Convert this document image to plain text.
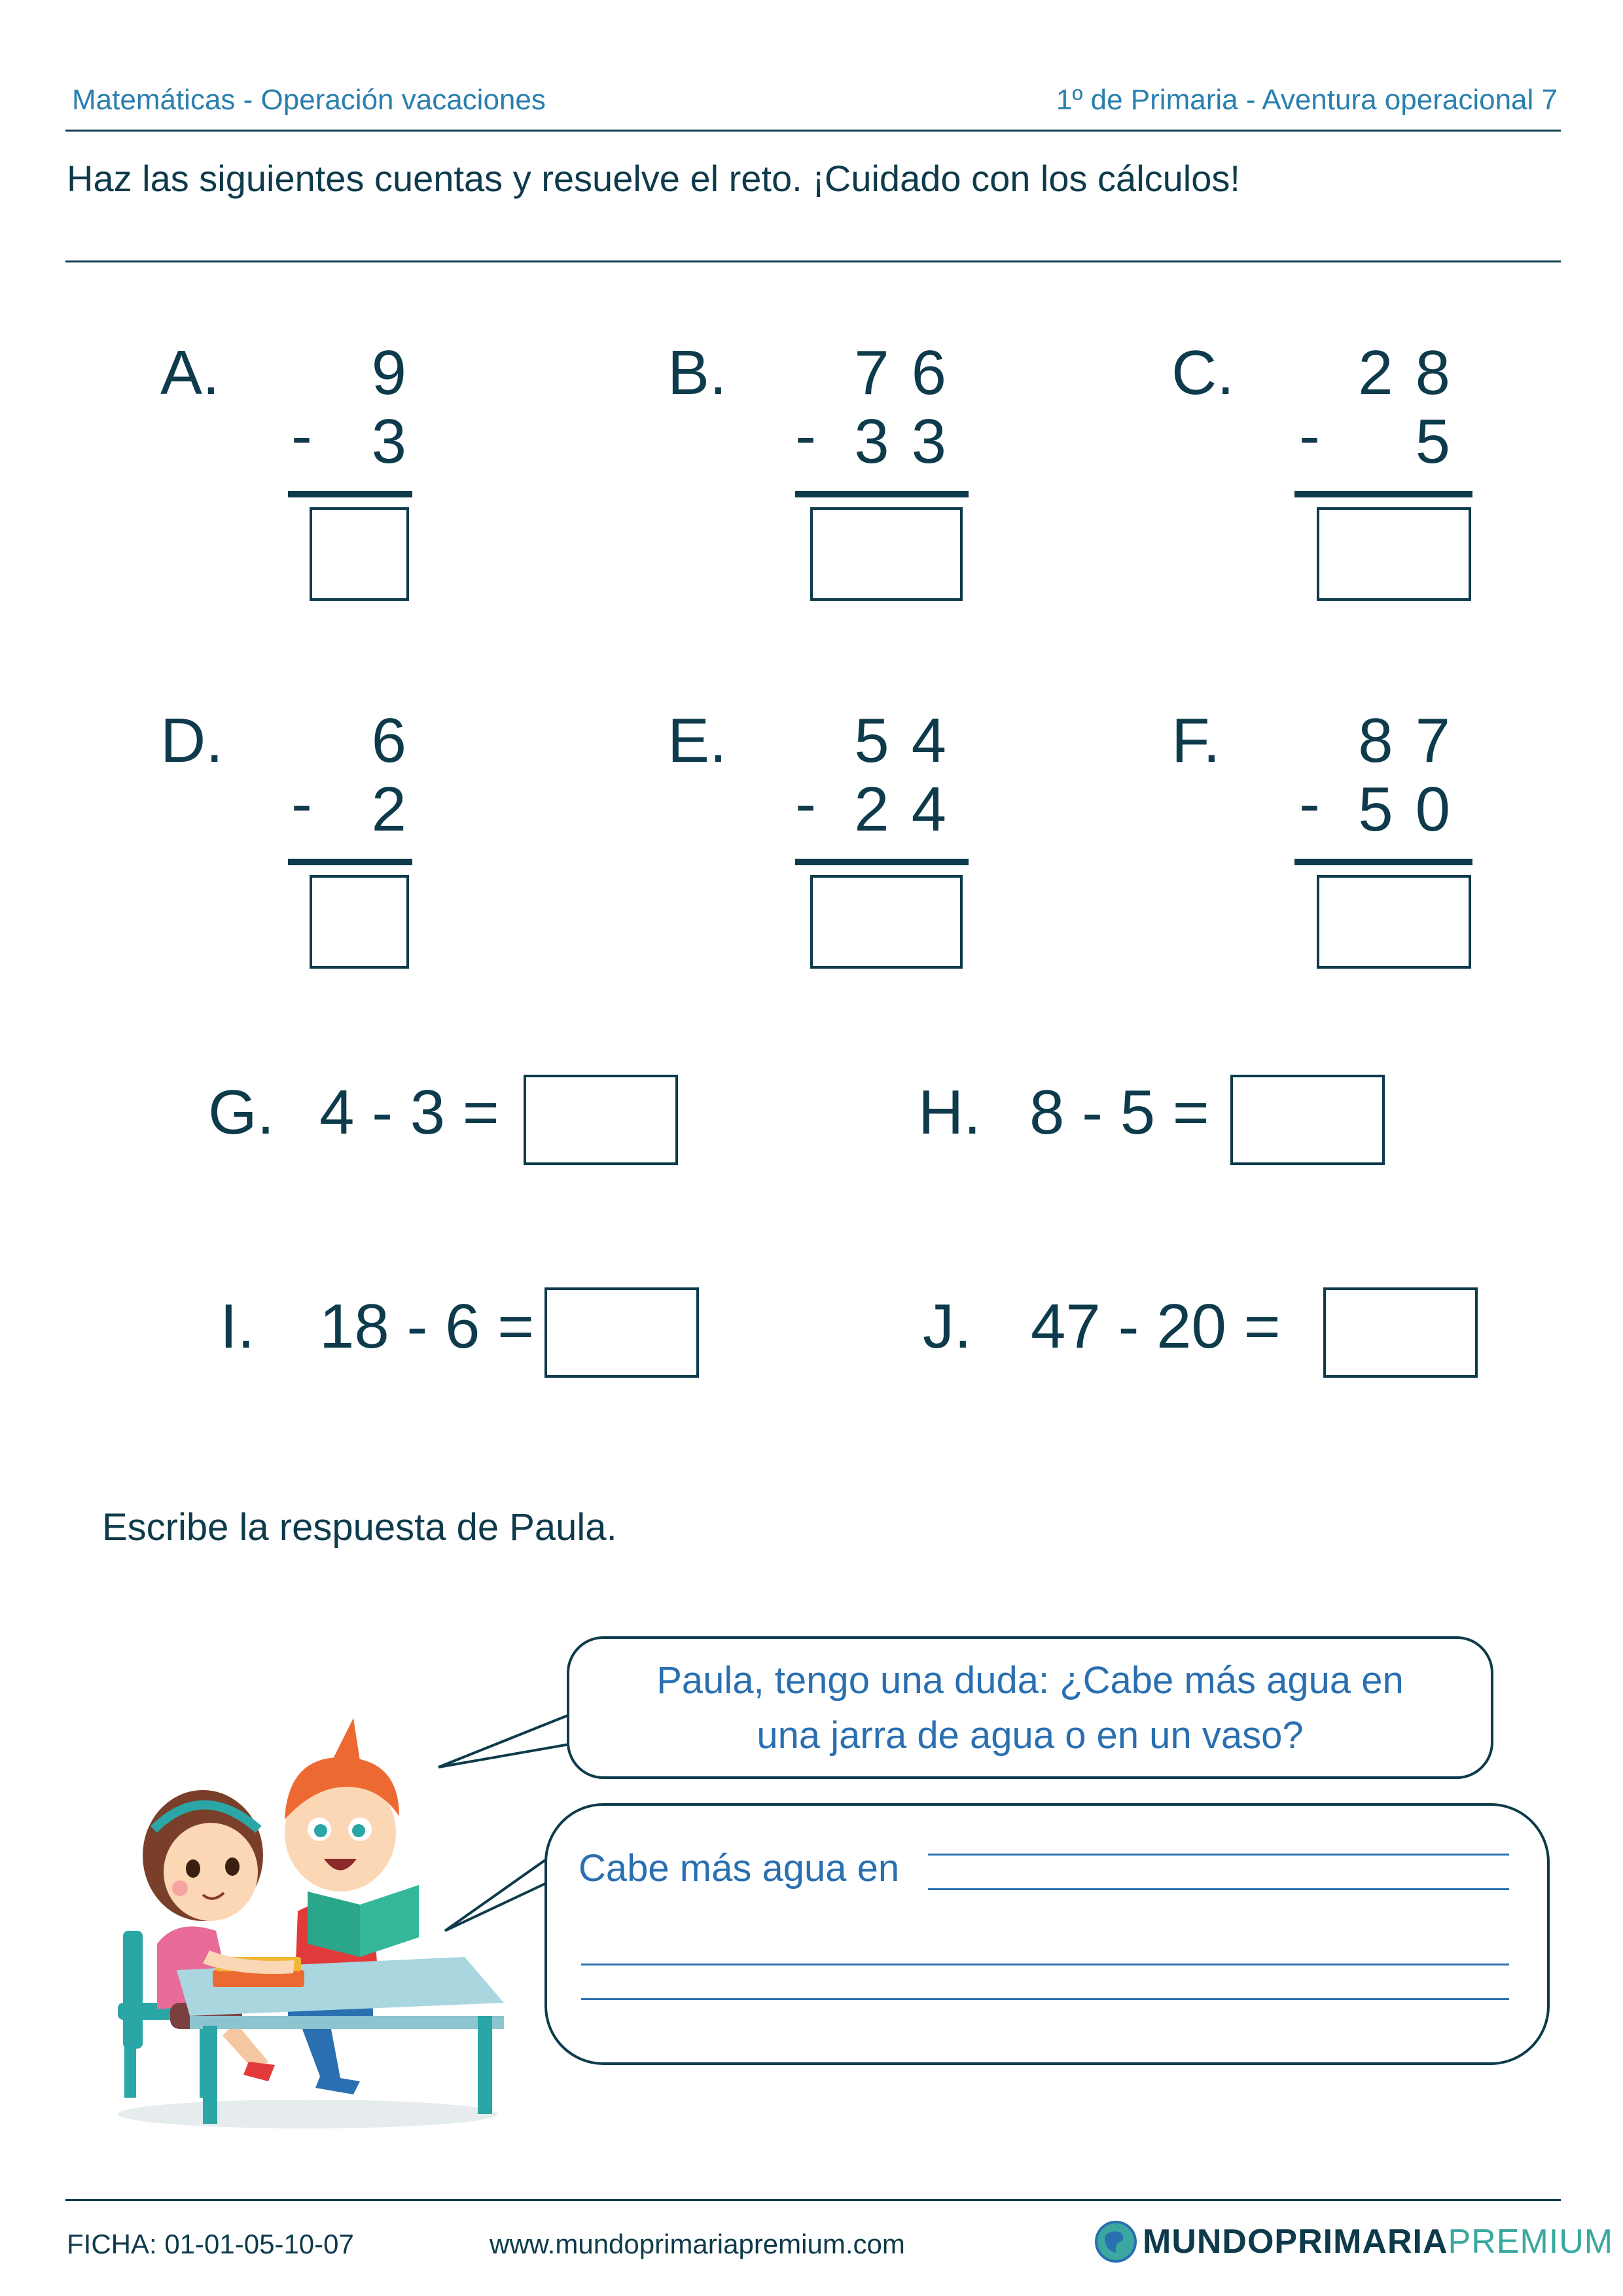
Matemáticas - Operación vacaciones	1º de Primaria - Aventura operacional 7
Haz las siguientes cuentas y resuelve el reto. ¡Cuidado con los cálculos!
A. 9
- 3
B. 76
- 33
C. 28
- 5
D. 6
- 2
E. 54
- 24
F. 87
- 50
G. 4 - 3 =	H. 8 - 5 =
I. 18 - 6 =	J. 47 - 20 =
Escribe la respuesta de Paula.
Paula, tengo una duda: ¿Cabe más agua en
una jarra de agua o en un vaso?
Cabe más agua en
FICHA: 01-01-05-10-07	www.mundoprimariapremium.com	MUNDO PRIMARIA PREMIUM
